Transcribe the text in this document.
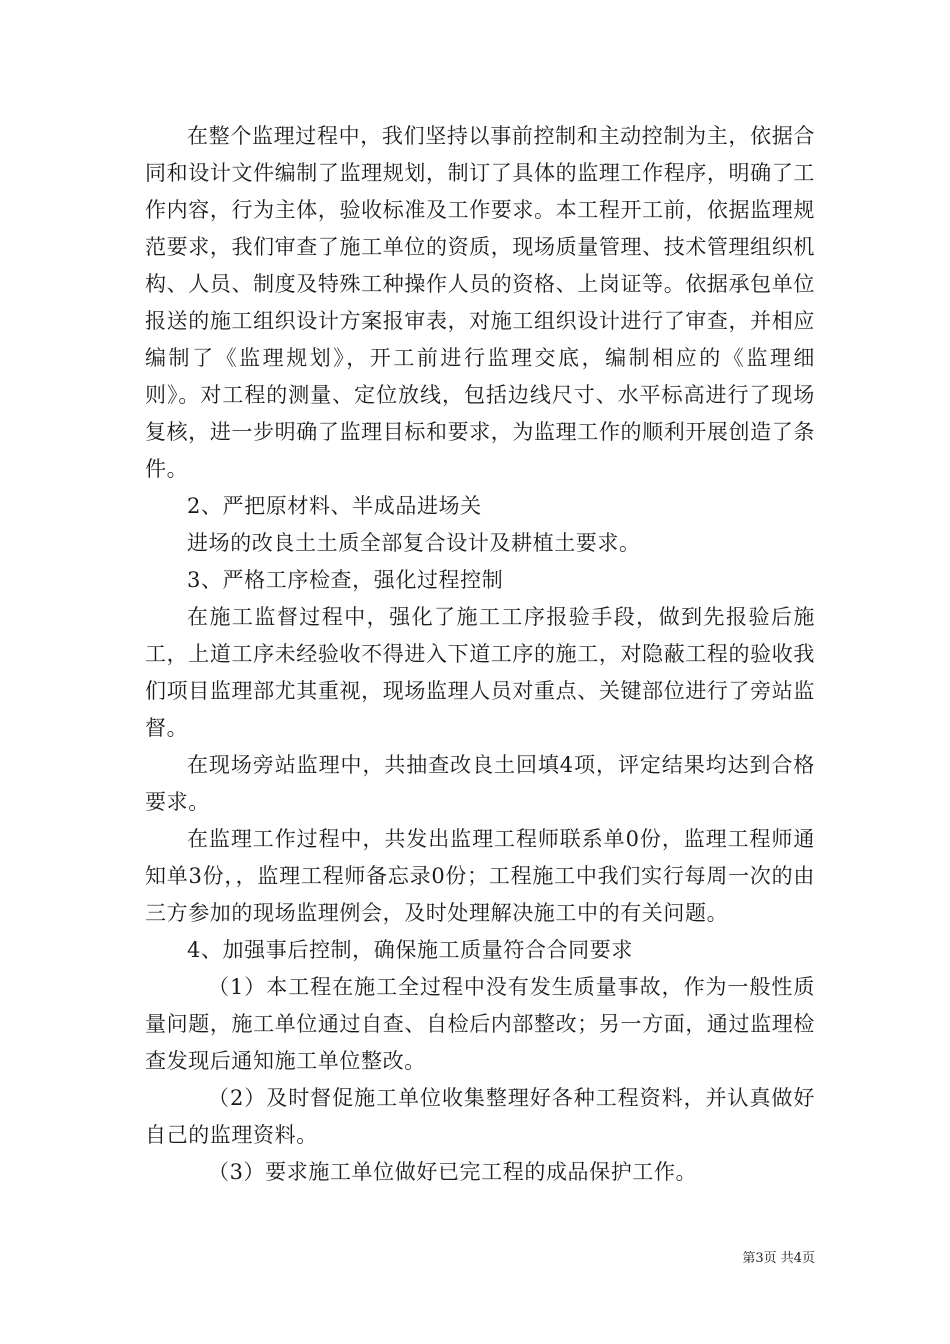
在整个监理过程中，我们坚持以事前控制和主动控制为主，依据合同和设计文件编制了监理规划，制订了具体的监理工作程序，明确了工作内容，行为主体，验收标准及工作要求。本工程开工前，依据监理规范要求，我们审查了施工单位的资质，现场质量管理、技术管理组织机构、人员、制度及特殊工种操作人员的资格、上岗证等。依据承包单位报送的施工组织设计方案报审表，对施工组织设计进行了审查，并相应编制了《监理规划》，开工前进行监理交底，编制相应的《监理细则》。对工程的测量、定位放线，包括边线尺寸、水平标高进行了现场复核，进一步明确了监理目标和要求，为监理工作的顺利开展创造了条件。

2、严把原材料、半成品进场关

进场的改良土土质全部复合设计及耕植土要求。

3、严格工序检查，强化过程控制

在施工监督过程中，强化了施工工序报验手段，做到先报验后施工，上道工序未经验收不得进入下道工序的施工，对隐蔽工程的验收我们项目监理部尤其重视，现场监理人员对重点、关键部位进行了旁站监督。

在现场旁站监理中，共抽查改良土回填4项，评定结果均达到合格要求。

在监理工作过程中，共发出监理工程师联系单0份，监理工程师通知单3份，，监理工程师备忘录0份；工程施工中我们实行每周一次的由三方参加的现场监理例会，及时处理解决施工中的有关问题。

4、加强事后控制，确保施工质量符合合同要求

（1）本工程在施工全过程中没有发生质量事故，作为一般性质量问题，施工单位通过自查、自检后内部整改；另一方面，通过监理检查发现后通知施工单位整改。

（2）及时督促施工单位收集整理好各种工程资料，并认真做好自己的监理资料。

（3）要求施工单位做好已完工程的成品保护工作。

第3页 共4页
